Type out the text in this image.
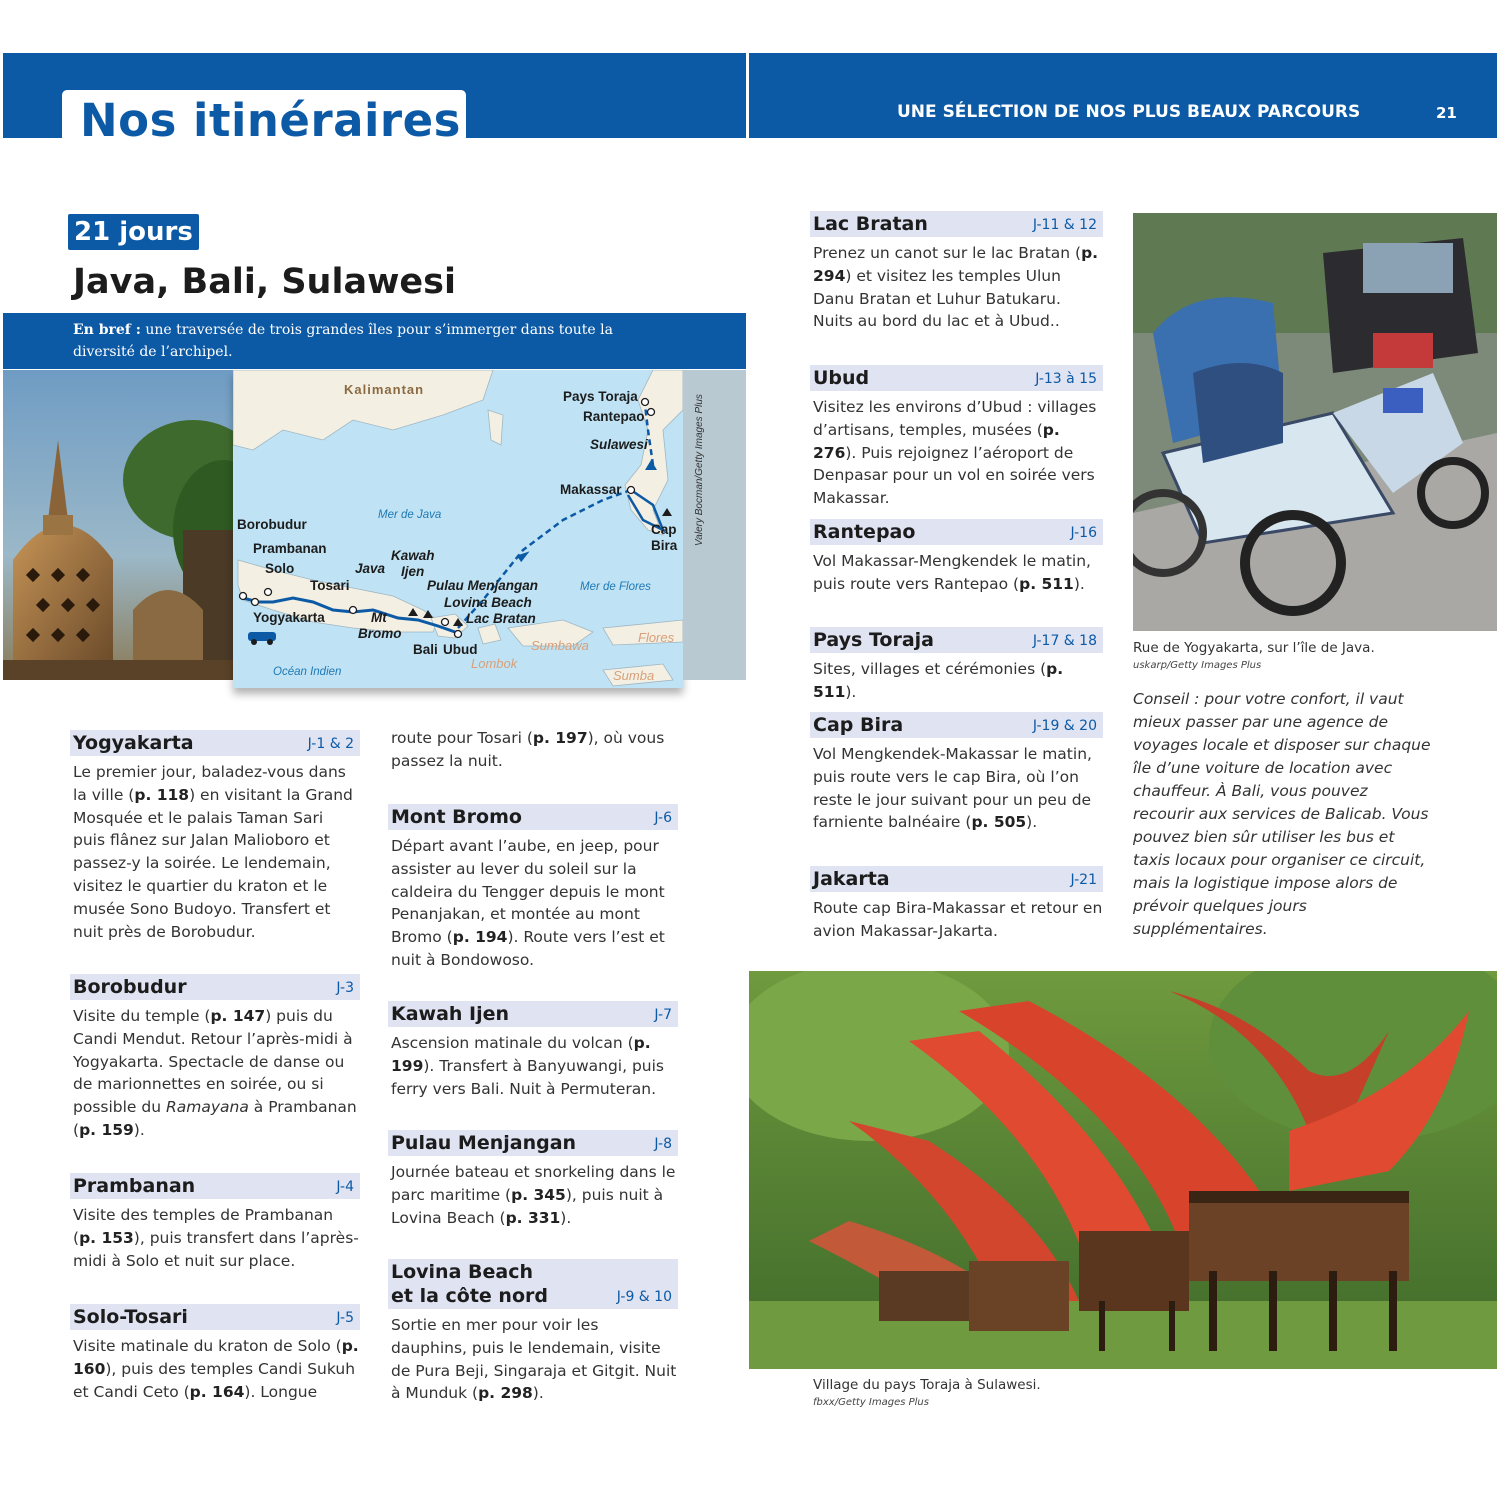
Nos itinéraires	UNE SÉLECTION DE NOS PLUS BEAUX PARCOURS	21
21 jours
Java, Bali, Sulawesi
En bref : une traversée de trois grandes îles pour s’immerger dans toute la diversité de l’archipel.
Kalimantan	Pays Toraja
Rantepao
Sulawesi
Makassar
Cap
Bira
Borobudur
Prambanan
Solo	Java
Kawah
Ijen
Tosari	Pulau Menjangan
Lovina Beach
Lac Bratan
Yogyakarta	Mt
Bromo
Bali Ubud
Mer de Java
Mer de Flores
Océan Indien
Sumbawa
Flores
Lombok
Sumba
Valery Bocman/Getty Images Plus
Yogyakarta	J-1 & 2
Le premier jour, baladez-vous dans la ville (p. 118) en visitant la Grand Mosquée et le palais Taman Sari puis flânez sur Jalan Malioboro et passez-y la soirée. Le lendemain, visitez le quartier du kraton et le musée Sono Budoyo. Transfert et nuit près de Borobudur.
Borobudur	J-3
Visite du temple (p. 147) puis du Candi Mendut. Retour l’après-midi à Yogyakarta. Spectacle de danse ou de marionnettes en soirée, ou si possible du Ramayana à Prambanan (p. 159).
Prambanan	J-4
Visite des temples de Prambanan (p. 153), puis transfert dans l’après-midi à Solo et nuit sur place.
Solo-Tosari	J-5
Visite matinale du kraton de Solo (p. 160), puis des temples Candi Sukuh et Candi Ceto (p. 164). Longue
route pour Tosari (p. 197), où vous passez la nuit.
Mont Bromo	J-6
Départ avant l’aube, en jeep, pour assister au lever du soleil sur la caldeira du Tengger depuis le mont Penanjakan, et montée au mont Bromo (p. 194). Route vers l’est et nuit à Bondowoso.
Kawah Ijen	J-7
Ascension matinale du volcan (p. 199). Transfert à Banyuwangi, puis ferry vers Bali. Nuit à Permuteran.
Pulau Menjangan	J-8
Journée bateau et snorkeling dans le parc maritime (p. 345), puis nuit à Lovina Beach (p. 331).
Lovina Beach
et la côte nord	J-9 & 10
Sortie en mer pour voir les dauphins, puis le lendemain, visite de Pura Beji, Singaraja et Gitgit. Nuit à Munduk (p. 298).
Lac Bratan	J-11 & 12
Prenez un canot sur le lac Bratan (p. 294) et visitez les temples Ulun Danu Bratan et Luhur Batukaru. Nuits au bord du lac et à Ubud..
Ubud	J-13 à 15
Visitez les environs d’Ubud : villages d’artisans, temples, musées (p. 276). Puis rejoignez l’aéroport de Denpasar pour un vol en soirée vers Makassar.
Rantepao	J-16
Vol Makassar-Mengkendek le matin, puis route vers Rantepao (p. 511).
Pays Toraja	J-17 & 18
Sites, villages et cérémonies (p. 511).
Cap Bira	J-19 & 20
Vol Mengkendek-Makassar le matin, puis route vers le cap Bira, où l’on reste le jour suivant pour un peu de farniente balnéaire (p. 505).
Jakarta	J-21
Route cap Bira-Makassar et retour en avion Makassar-Jakarta.
Rue de Yogyakarta, sur l’île de Java.
uskarp/Getty Images Plus
Conseil : pour votre confort, il vaut mieux passer par une agence de voyages locale et disposer sur chaque île d’une voiture de location avec chauffeur. À Bali, vous pouvez recourir aux services de Balicab. Vous pouvez bien sûr utiliser les bus et taxis locaux pour organiser ce circuit, mais la logistique impose alors de prévoir quelques jours supplémentaires.
Village du pays Toraja à Sulawesi.
fbxx/Getty Images Plus
